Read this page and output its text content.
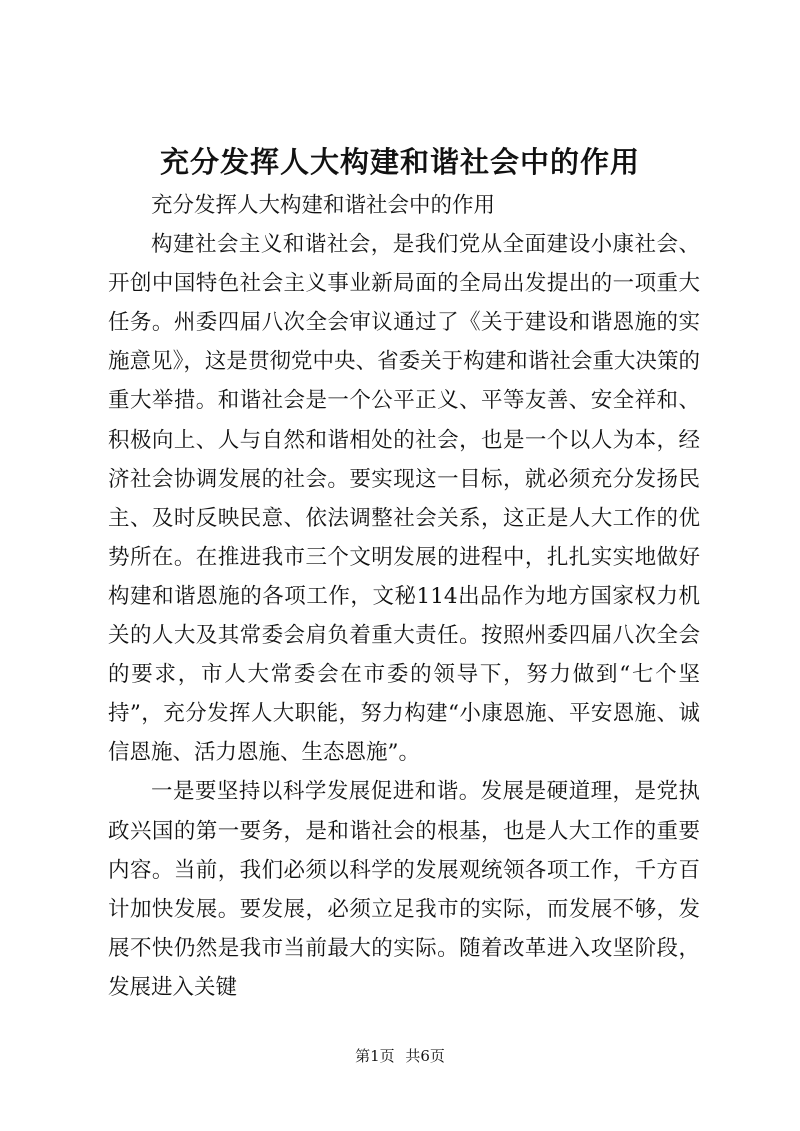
充分发挥人大构建和谐社会中的作用

充分发挥人大构建和谐社会中的作用

构建社会主义和谐社会，是我们党从全面建设小康社会、开创中国特色社会主义事业新局面的全局出发提出的一项重大任务。州委四届八次全会审议通过了《关于建设和谐恩施的实施意见》，这是贯彻党中央、省委关于构建和谐社会重大决策的重大举措。和谐社会是一个公平正义、平等友善、安全祥和、积极向上、人与自然和谐相处的社会，也是一个以人为本，经济社会协调发展的社会。要实现这一目标，就必须充分发扬民主、及时反映民意、依法调整社会关系，这正是人大工作的优势所在。在推进我市三个文明发展的进程中，扎扎实实地做好构建和谐恩施的各项工作，文秘114出品作为地方国家权力机关的人大及其常委会肩负着重大责任。按照州委四届八次全会的要求，市人大常委会在市委的领导下，努力做到“七个坚持”，充分发挥人大职能，努力构建“小康恩施、平安恩施、诚信恩施、活力恩施、生态恩施”。

一是要坚持以科学发展促进和谐。发展是硬道理，是党执政兴国的第一要务，是和谐社会的根基，也是人大工作的重要内容。当前，我们必须以科学的发展观统领各项工作，千方百计加快发展。要发展，必须立足我市的实际，而发展不够，发展不快仍然是我市当前最大的实际。随着改革进入攻坚阶段，发展进入关键

第1页 共6页
